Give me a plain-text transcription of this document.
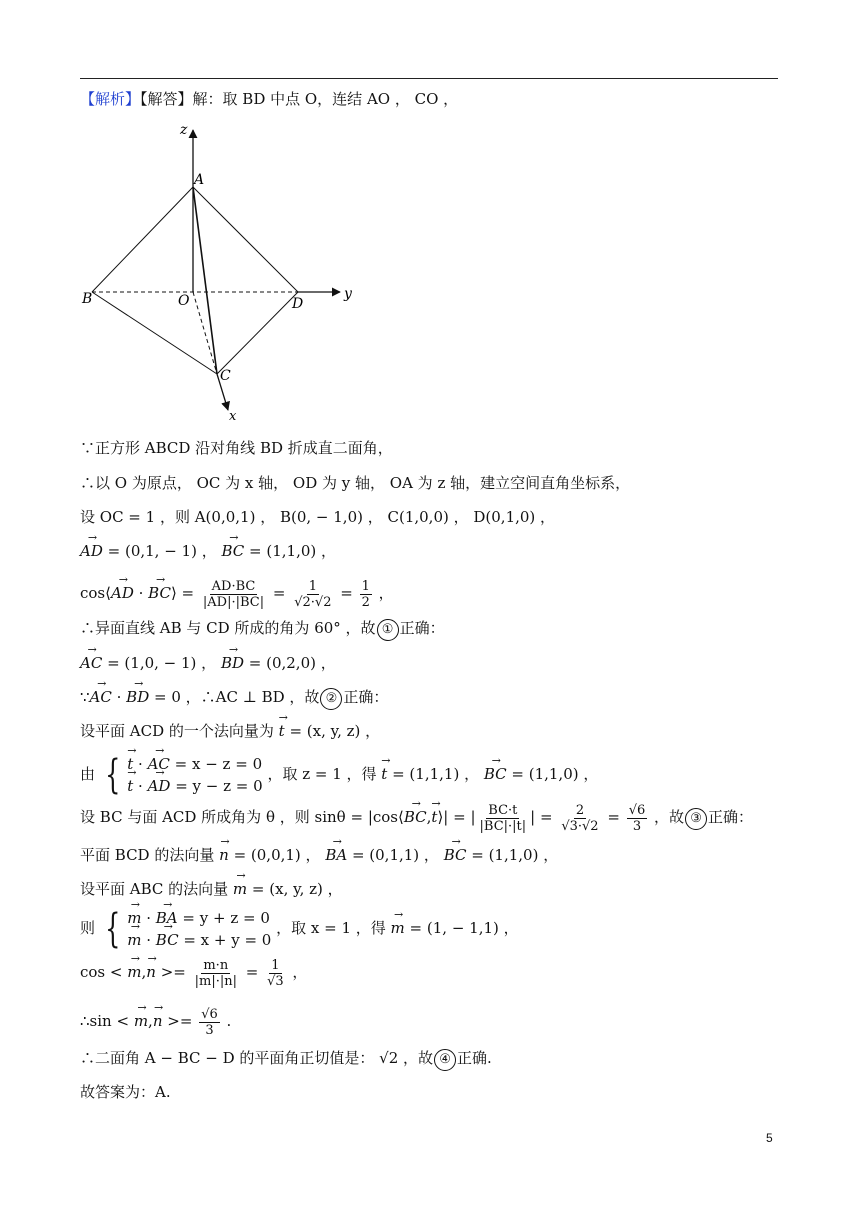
【解析】【解答】解：取 BD 中点 O，连结 AO ， CO ，
z
A
B	O	D
y
C
x
∵正方形 ABCD 沿对角线 BD 折成直二面角，
∴以 O 为原点， OC 为 x 轴， OD 为 y 轴， OA 为 z 轴，建立空间直角坐标系，
设 OC = 1 ，则 A(0,0,1) ， B(0, − 1,0) ， C(1,0,0) ， D(0,1,0) ，
→ AD = (0,1, − 1) ， → BC = (1,1,0) ，
cos⟨→ AD · → BC⟩ = $\frac{AD\cdot BC}{|AD|\cdot|BC|} = \frac{1}{√2\cdot√2} = \frac{1}{2}$ ，
∴异面直线 AB 与 CD 所成的角为 60° ，故 ① 正确：
→ AC = (1,0, − 1) ， → BD = (0,2,0) ，
∵→ AC · → BD = 0 ，∴AC ⊥ BD ，故 ② 正确：
设平面 ACD 的一个法向量为 → t = (x, y, z) ，
由 { → t · → AC = x − z = 0
→ t · → AD = y − z = 0
，取 z = 1 ，得 → t = (1,1,1) ， → BC = (1,1,0) ，
设 BC 与面 ACD 所成角为 θ ，则 sinθ = |cos⟨→ BC,→ t⟩| = | $\frac{BC\cdot t}{|BC|\cdot|t|}$ | = $\frac{2}{√3\cdot√2} = \frac{√6}{3}$ ，故 ③ 正确：
平面 BCD 的法向量 → n = (0,0,1) ， → BA = (0,1,1) ， → BC = (1,1,0) ，
设平面 ABC 的法向量 → m = (x, y, z) ，
则 { → m · → BA = y + z = 0
→ m · → BC = x + y = 0
，取 x = 1 ，得 → m = (1, − 1,1) ，
cos < → $m,\to n >= \frac{m\cdot n}{|m|\cdot|n|} = \frac{1}{√3}$ ，
∴sin < → $m,\to n >= \frac{√6}{3}$ .
∴二面角 A − BC − D 的平面角正切值是： √2 ，故 ④ 正确.
故答案为：A.
5
